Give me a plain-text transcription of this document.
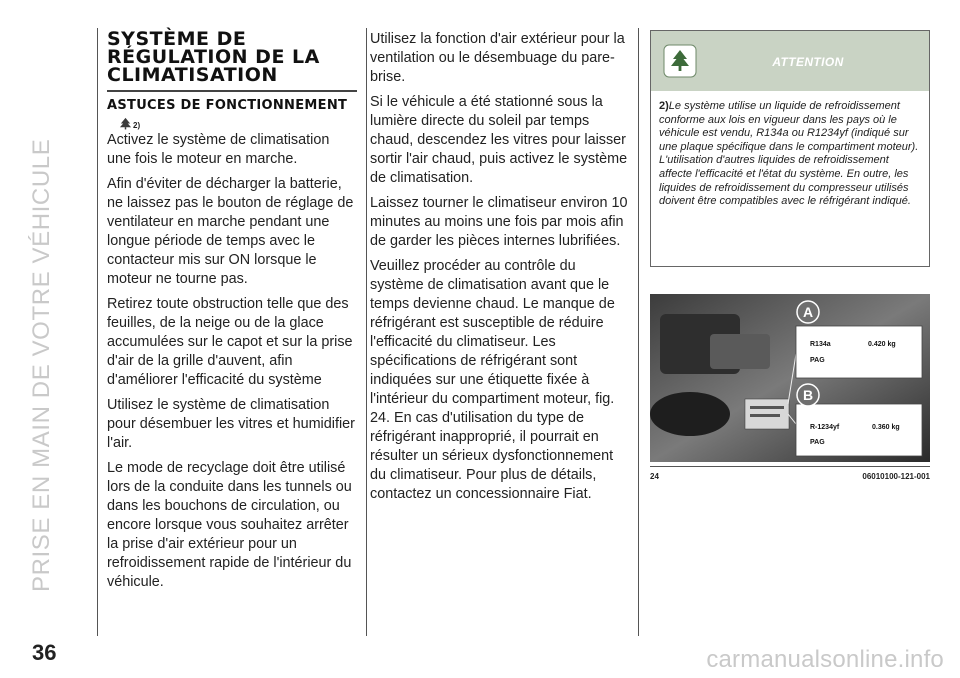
PRISE EN MAIN DE VOTRE VÉHICULE
SYSTÈME DE RÉGULATION DE LA CLIMATISATION
ASTUCES DE FONCTIONNEMENT
2)

Activez le système de climatisation une fois le moteur en marche.

Afin d'éviter de décharger la batterie, ne laissez pas le bouton de réglage de ventilateur en marche pendant une longue période de temps avec le contacteur mis sur ON lorsque le moteur ne tourne pas.

Retirez toute obstruction telle que des feuilles, de la neige ou de la glace accumulées sur le capot et sur la prise d'air de la grille d'auvent, afin d'améliorer l'efficacité du système

Utilisez le système de climatisation pour désembuer les vitres et humidifier l'air.

Le mode de recyclage doit être utilisé lors de la conduite dans les tunnels ou dans les bouchons de circulation, ou encore lorsque vous souhaitez arrêter la prise d'air extérieur pour un refroidissement rapide de l'intérieur du véhicule.

Utilisez la fonction d'air extérieur pour la ventilation ou le désembuage du pare-brise.

Si le véhicule a été stationné sous la lumière directe du soleil par temps chaud, descendez les vitres pour laisser sortir l'air chaud, puis activez le système de climatisation.

Laissez tourner le climatiseur environ 10 minutes au moins une fois par mois afin de garder les pièces internes lubrifiées.

Veuillez procéder au contrôle du système de climatisation avant que le temps devienne chaud. Le manque de réfrigérant est susceptible de réduire l'efficacité du climatiseur. Les spécifications de réfrigérant sont indiquées sur une étiquette fixée à l'intérieur du compartiment moteur, fig. 24. En cas d'utilisation du type de réfrigérant inapproprié, il pourrait en résulter un sérieux dysfonctionnement du climatiseur. Pour plus de détails, contactez un concessionnaire Fiat.

ATTENTION
2)Le système utilise un liquide de refroidissement conforme aux lois en vigueur dans les pays où le véhicule est vendu, R134a ou R1234yf (indiqué sur une plaque spécifique dans le compartiment moteur). L'utilisation d'autres liquides de refroidissement affecte l'efficacité et l'état du système. En outre, les liquides de refroidissement du compresseur utilisés doivent être compatibles avec le réfrigérant indiqué.
A
R134a	0.420 kg
PAG
B
R-1234yf	0.360 kg
PAG
24	06010100-121-001
36	carmanualsonline.info
